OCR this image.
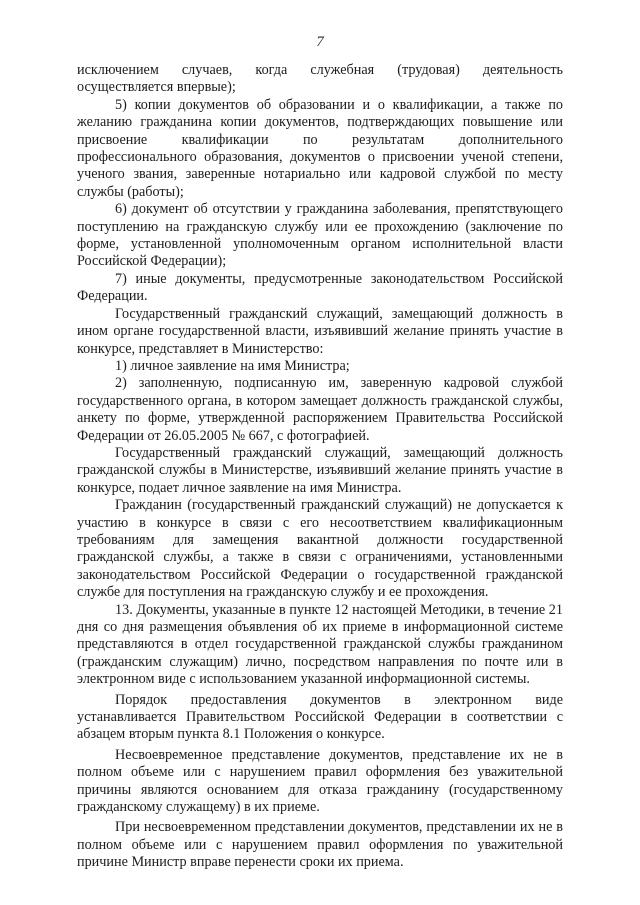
7

исключением случаев, когда служебная (трудовая) деятельность осуществляется впервые);

5) копии документов об образовании и о квалификации, а также по желанию гражданина копии документов, подтверждающих повышение или присвоение квалификации по результатам дополнительного профессионального образования, документов о присвоении ученой степени, ученого звания, заверенные нотариально или кадровой службой по месту службы (работы);

6) документ об отсутствии у гражданина заболевания, препятствующего поступлению на гражданскую службу или ее прохождению (заключение по форме, установленной уполномоченным органом исполнительной власти Российской Федерации);

7) иные документы, предусмотренные законодательством Российской Федерации.

Государственный гражданский служащий, замещающий должность в ином органе государственной власти, изъявивший желание принять участие в конкурсе, представляет в Министерство:

1) личное заявление на имя Министра;

2) заполненную, подписанную им, заверенную кадровой службой государственного органа, в котором замещает должность гражданской службы, анкету по форме, утвержденной распоряжением Правительства Российской Федерации от 26.05.2005 № 667, с фотографией.

Государственный гражданский служащий, замещающий должность гражданской службы в Министерстве, изъявивший желание принять участие в конкурсе, подает личное заявление на имя Министра.

Гражданин (государственный гражданский служащий) не допускается к участию в конкурсе в связи с его несоответствием квалификационным требованиям для замещения вакантной должности государственной гражданской службы, а также в связи с ограничениями, установленными законодательством Российской Федерации о государственной гражданской службе для поступления на гражданскую службу и ее прохождения.

13. Документы, указанные в пункте 12 настоящей Методики, в течение 21 дня со дня размещения объявления об их приеме в информационной системе представляются в отдел государственной гражданской службы гражданином (гражданским служащим) лично, посредством направления по почте или в электронном виде с использованием указанной информационной системы.

Порядок предоставления документов в электронном виде устанавливается Правительством Российской Федерации в соответствии с абзацем вторым пункта 8.1 Положения о конкурсе.

Несвоевременное представление документов, представление их не в полном объеме или с нарушением правил оформления без уважительной причины являются основанием для отказа гражданину (государственному гражданскому служащему) в их приеме.

При несвоевременном представлении документов, представлении их не в полном объеме или с нарушением правил оформления по уважительной причине Министр вправе перенести сроки их приема.
